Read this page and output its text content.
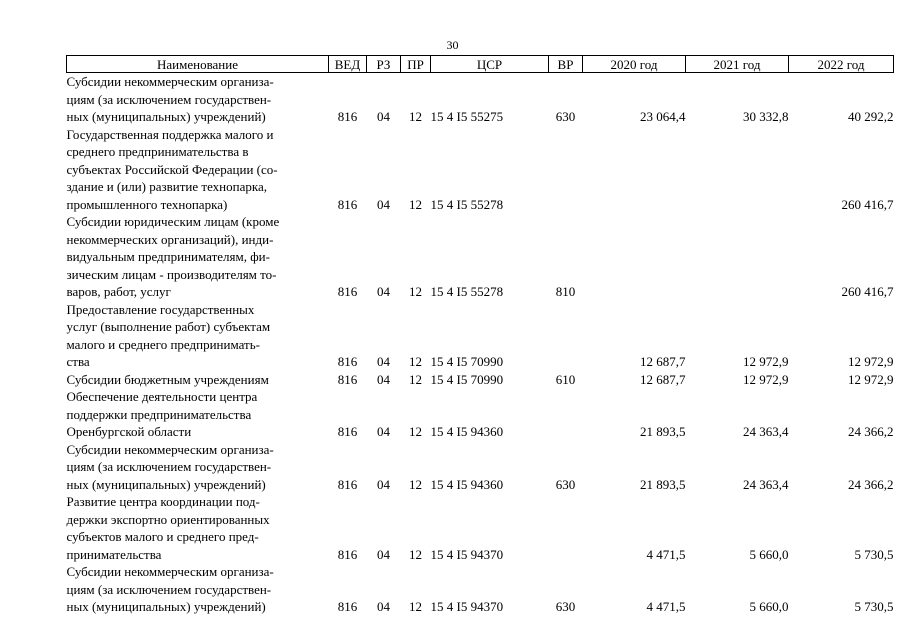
30
Наименование	ВЕД	РЗ	ПР	ЦСР	ВР	2020 год	2021 год	2022 год

Субсидии некоммерческим организа-
циям (за исключением государствен-
ных (муниципальных) учреждений)	816	04	12	15 4 I5 55275	630	23 064,4	30 332,8	40 292,2

Государственная поддержка малого и
среднего предпринимательства в
субъектах Российской Федерации (со-
здание и (или) развитие технопарка,
промышленного технопарка)	816	04	12	15 4 I5 55278				260 416,7

Субсидии юридическим лицам (кроме
некоммерческих организаций), инди-
видуальным предпринимателям, фи-
зическим лицам - производителям то-
варов, работ, услуг	816	04	12	15 4 I5 55278	810			260 416,7

Предоставление государственных
услуг (выполнение работ) субъектам
малого и среднего предпринимать-
ства	816	04	12	15 4 I5 70990		12 687,7	12 972,9	12 972,9

Субсидии бюджетным учреждениям	816	04	12	15 4 I5 70990	610	12 687,7	12 972,9	12 972,9

Обеспечение деятельности центра
поддержки предпринимательства
Оренбургской области	816	04	12	15 4 I5 94360		21 893,5	24 363,4	24 366,2

Субсидии некоммерческим организа-
циям (за исключением государствен-
ных (муниципальных) учреждений)	816	04	12	15 4 I5 94360	630	21 893,5	24 363,4	24 366,2

Развитие центра координации под-
держки экспортно ориентированных
субъектов малого и среднего пред-
принимательства	816	04	12	15 4 I5 94370		4 471,5	5 660,0	5 730,5

Субсидии некоммерческим организа-
циям (за исключением государствен-
ных (муниципальных) учреждений)	816	04	12	15 4 I5 94370	630	4 471,5	5 660,0	5 730,5
